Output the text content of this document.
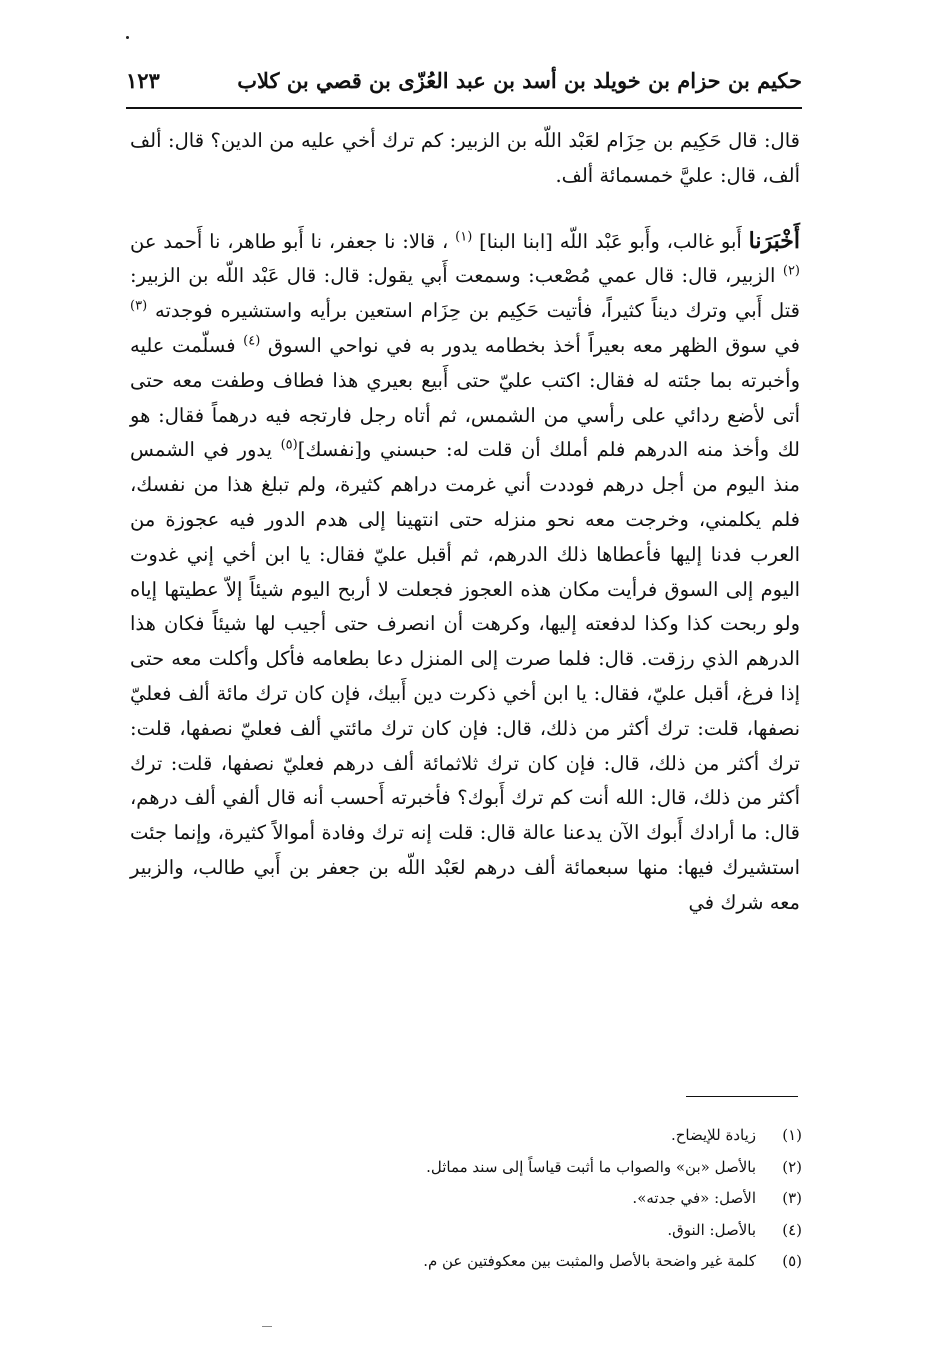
حكيم بن حزام بن خويلد بن أسد بن عبد العُزّى بن قصي بن كلاب
١٢٣

قال: قال حَكِيم بن حِزَام لعَبْد اللّه بن الزبير: كم ترك أخي عليه من الدين؟ قال: ألف ألف، قال: عليَّ خمسمائة ألف.

أَخْبَرَنا أَبو غالب، وأَبو عَبْد اللّه [ابنا البنا] $^{(١)}$ ، قالا: نا جعفر، نا أَبو طاهر، نا أَحمد عن $^{(٢)}$ الزبير، قال: قال عمي مُصْعب: وسمعت أَبي يقول: قال: قال عَبْد اللّه بن الزبير: قتل أَبي وترك ديناً كثيراً، فأتيت حَكِيم بن حِزَام استعين برأيه واستشيره فوجدته $^{(٣)}$ في سوق الظهر معه بعيراً أخذ بخطامه يدور به في نواحي السوق $^{(٤)}$ فسلّمت عليه وأخبرته بما جئته له فقال: اكتب عليّ حتى أَبيع بعيري هذا فطاف وطفت معه حتى أتى لأضع ردائي على رأسي من الشمس، ثم أتاه رجل فارتجه فيه درهماً فقال: هو لك وأخذ منه الدرهم فلم أملك أن قلت له: حبسني و[نفسك]$^{(٥)}$ يدور في الشمس منذ اليوم من أجل درهم فوددت أني غرمت دراهم كثيرة، ولم تبلغ هذا من نفسك، فلم يكلمني، وخرجت معه نحو منزله حتى انتهينا إلى هدم الدور فيه عجوزة من العرب فدنا إليها فأعطاها ذلك الدرهم، ثم أقبل عليّ فقال: يا ابن أخي إني غدوت اليوم إلى السوق فرأيت مكان هذه العجوز فجعلت لا أربح اليوم شيئاً إلاّ عطيتها إياه ولو ربحت كذا وكذا لدفعته إليها، وكرهت أن انصرف حتى أجيب لها شيئاً فكان هذا الدرهم الذي رزقت. قال: فلما صرت إلى المنزل دعا بطعامه فأكل وأكلت معه حتى إذا فرغ، أقبل عليّ، فقال: يا ابن أخي ذكرت دين أَبيك، فإن كان ترك مائة ألف فعليّ نصفها، قلت: ترك أكثر من ذلك، قال: فإن كان ترك مائتي ألف فعليّ نصفها، قلت: ترك أكثر من ذلك، قال: فإن كان ترك ثلاثمائة ألف درهم فعليّ نصفها، قلت: ترك أكثر من ذلك، قال: الله أنت كم ترك أَبوك؟ فأخبرته أَحسب أنه قال ألفي ألف درهم، قال: ما أرادك أَبوك الآن يدعنا عالة قال: قلت إنه ترك وفادة أموالاً كثيرة، وإنما جئت استشيرك فيها: منها سبعمائة ألف درهم لعَبْد اللّه بن جعفر بن أَبي طالب، والزبير معه شرك في

(١)
زيادة للإيضاح.
(٢)
بالأصل «بن» والصواب ما أثبت قياساً إلى سند مماثل.
(٣)
الأصل: «في جدته».
(٤)
بالأصل: النوق.
(٥)
كلمة غير واضحة بالأصل والمثبت بين معكوفتين عن م.
